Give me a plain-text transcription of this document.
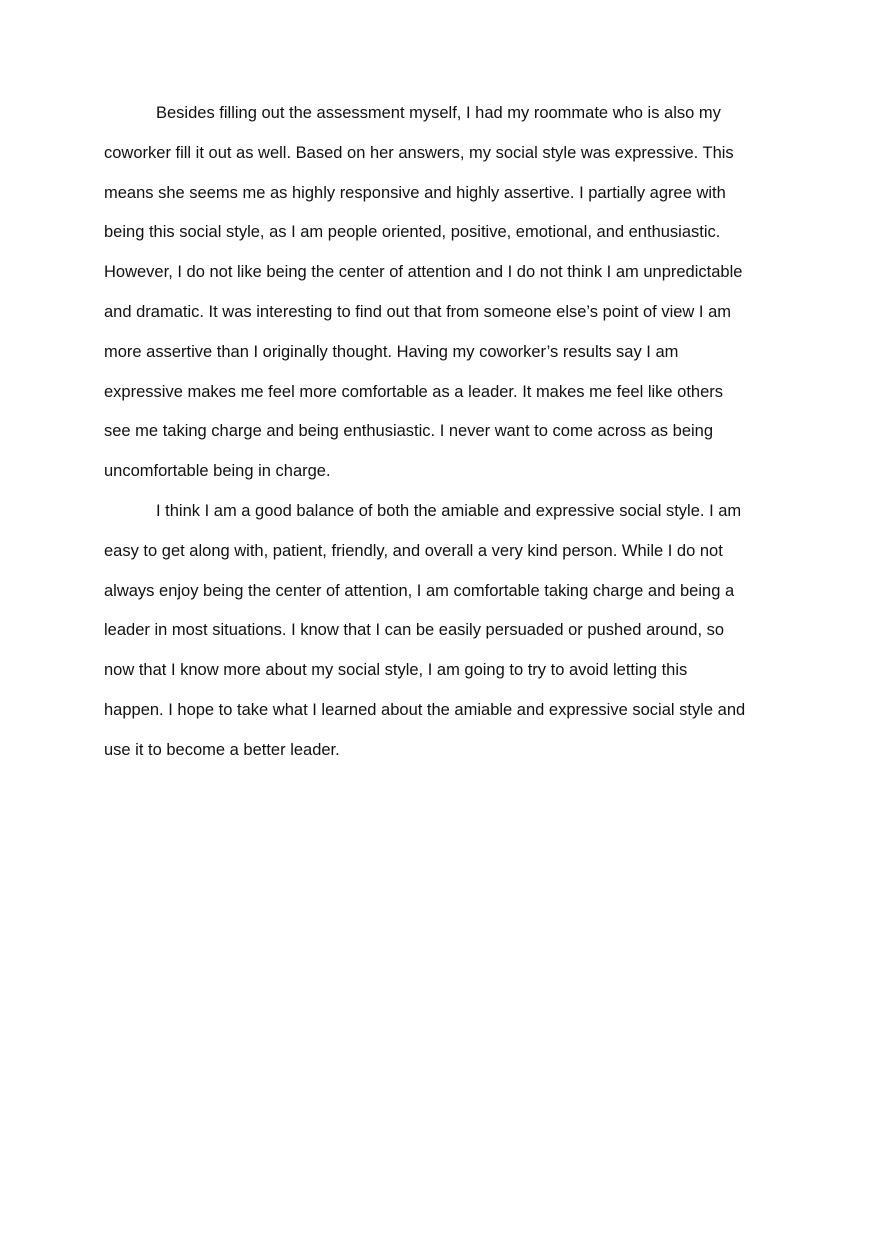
Besides filling out the assessment myself, I had my roommate who is also my
coworker fill it out as well. Based on her answers, my social style was expressive. This
means she seems me as highly responsive and highly assertive. I partially agree with
being this social style, as I am people oriented, positive, emotional, and enthusiastic.
However, I do not like being the center of attention and I do not think I am unpredictable
and dramatic. It was interesting to find out that from someone else’s point of view I am
more assertive than I originally thought. Having my coworker’s results say I am
expressive makes me feel more comfortable as a leader. It makes me feel like others
see me taking charge and being enthusiastic. I never want to come across as being
uncomfortable being in charge.

I think I am a good balance of both the amiable and expressive social style. I am
easy to get along with, patient, friendly, and overall a very kind person. While I do not
always enjoy being the center of attention, I am comfortable taking charge and being a
leader in most situations. I know that I can be easily persuaded or pushed around, so
now that I know more about my social style, I am going to try to avoid letting this
happen. I hope to take what I learned about the amiable and expressive social style and
use it to become a better leader.
